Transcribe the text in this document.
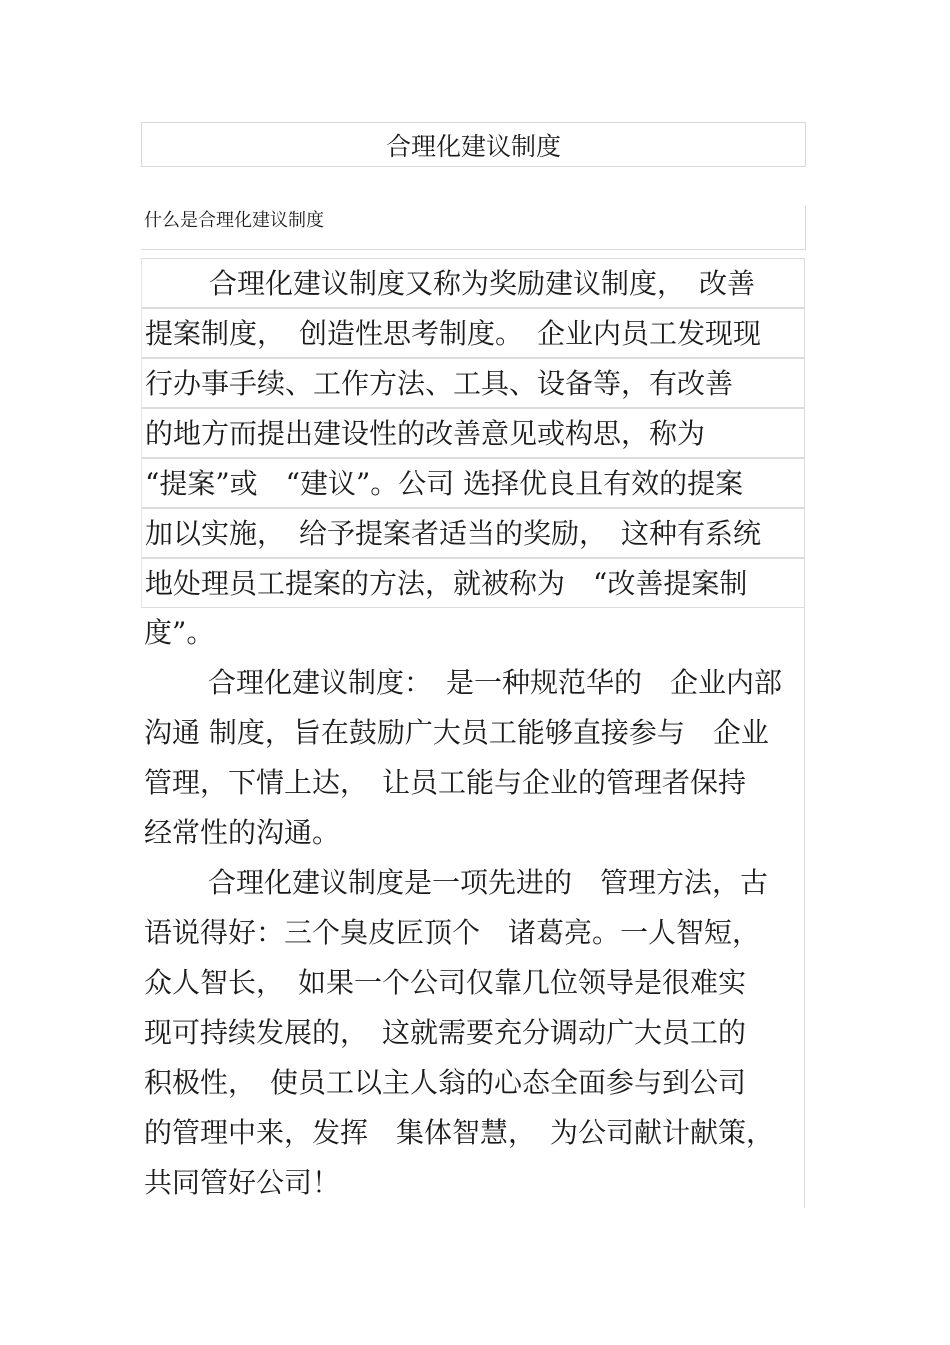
合理化建议制度
什么是合理化建议制度
合理化建议制度又称为奖励建议制度，　改善
提案制度，　创造性思考制度。　企业内员工发现现
行办事手续、工作方法、工具、设备等，有改善
的地方而提出建设性的改善意见或构思，称为
“提案”或　“建议”。公司 选择优良且有效的提案
加以实施，　给予提案者适当的奖励，　这种有系统
地处理员工提案的方法，就被称为　“改善提案制
度”。
合理化建议制度：　是一种规范华的　企业内部
沟通 制度，旨在鼓励广大员工能够直接参与　企业
管理，下情上达，　让员工能与企业的管理者保持
经常性的沟通。
合理化建议制度是一项先进的　管理方法，古
语说得好：三个臭皮匠顶个　诸葛亮。一人智短，
众人智长，　如果一个公司仅靠几位领导是很难实
现可持续发展的，　这就需要充分调动广大员工的
积极性，　使员工以主人翁的心态全面参与到公司
的管理中来，发挥　集体智慧，　为公司献计献策，
共同管好公司！
